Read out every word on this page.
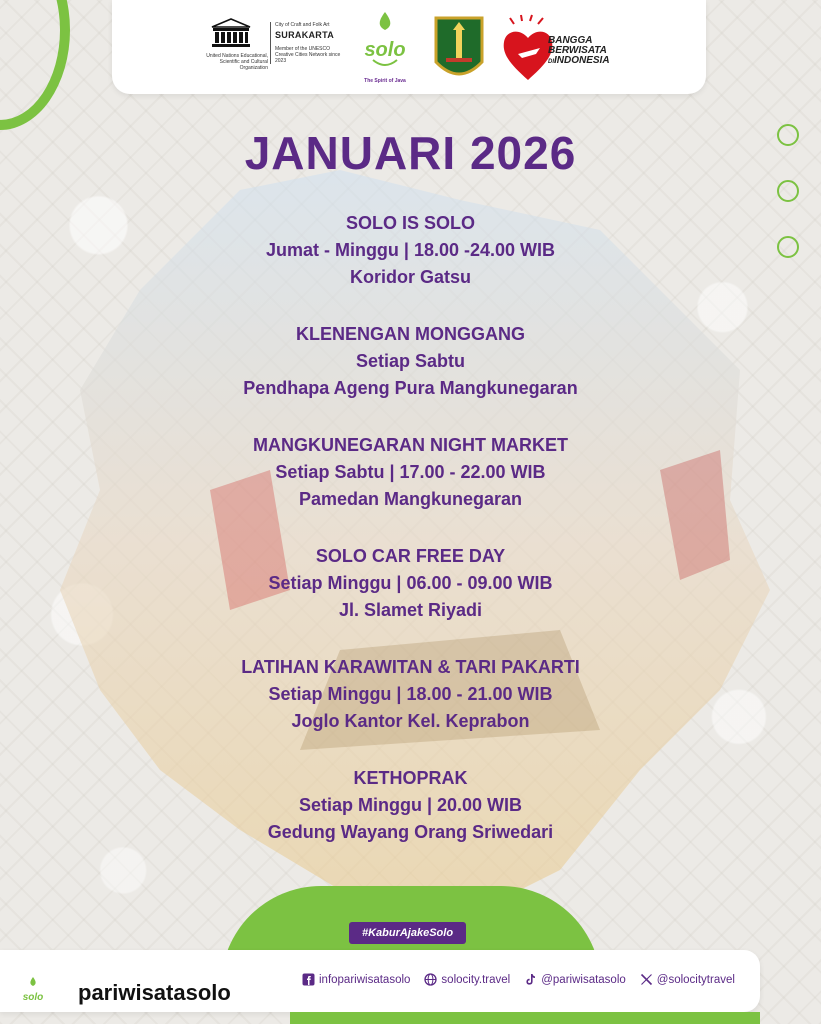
United Nations Educational, Scientific and Cultural Organization
City of Craft and Folk Art
SURAKARTA
Member of the UNESCO Creative Cities Network since 2023	solo
The Spirit of Java
BANGGA
BERWISATA
DIINDONESIA
JANUARI 2026
SOLO IS SOLO
Jumat - Minggu | 18.00 -24.00 WIB
Koridor Gatsu
KLENENGAN MONGGANG
Setiap Sabtu
Pendhapa Ageng Pura Mangkunegaran
MANGKUNEGARAN NIGHT MARKET
Setiap Sabtu | 17.00 - 22.00 WIB
Pamedan Mangkunegaran
SOLO CAR FREE DAY
Setiap Minggu | 06.00 - 09.00 WIB
Jl. Slamet Riyadi
LATIHAN KARAWITAN & TARI PAKARTI
Setiap Minggu | 18.00 - 21.00 WIB
Joglo Kantor Kel. Keprabon
KETHOPRAK
Setiap Minggu | 20.00 WIB
Gedung Wayang Orang Sriwedari
#KaburAjakeSolo
solo pariwisatasolo
infopariwisatasolo	solocity.travel	@pariwisatasolo	@solocitytravel
